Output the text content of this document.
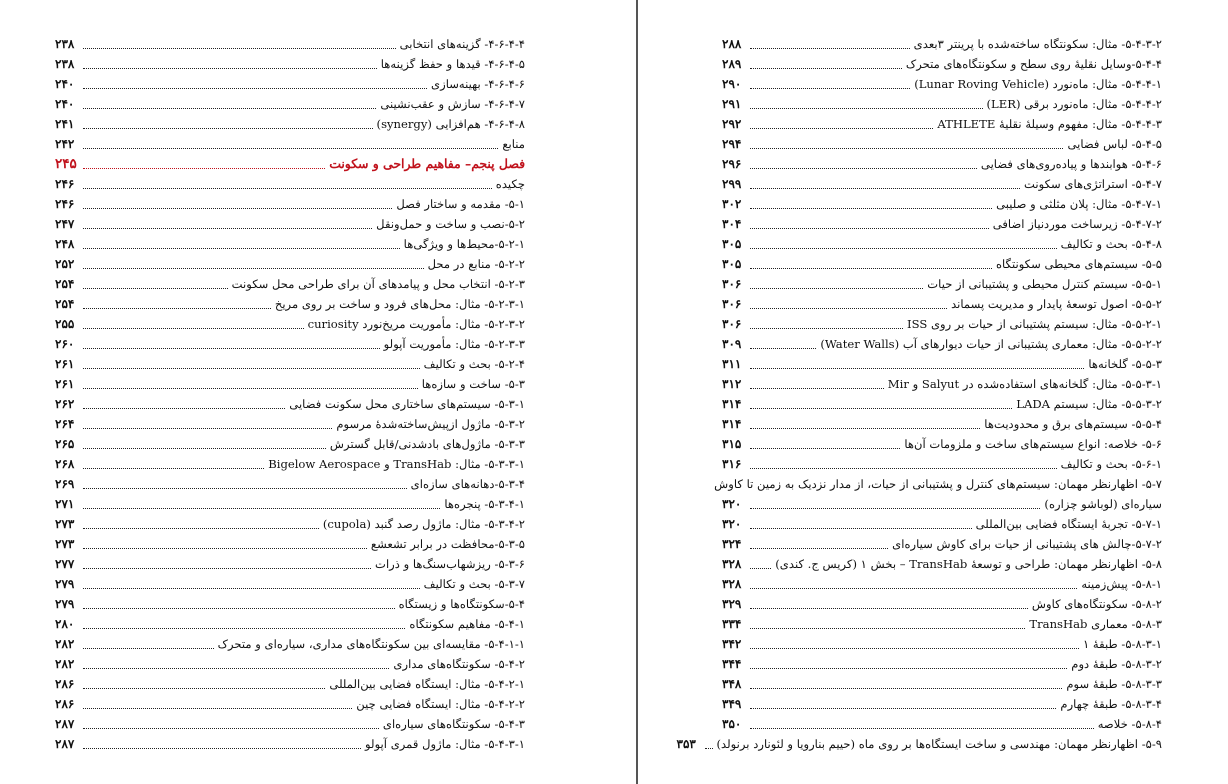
۴-۶-۴-۴- گزینه‌های انتخابی
۲۳۸
۴-۶-۴-۵- قیدها و حفظ گزینه‌ها
۲۳۸
۴-۶-۴-۶- بهینه‌سازی
۲۴۰
۴-۶-۴-۷- سازش و عقب‌نشینی
۲۴۰
۴-۶-۴-۸- هم‌افزایی (synergy)
۲۴۱
منابع
۲۴۲
فصل پنجم– مفاهیم طراحی و سکونت
۲۴۵
چکیده
۲۴۶
۵-۱- مقدمه و ساختار فصل
۲۴۶
۵-۲-نصب و ساخت و حمل‌ونقل
۲۴۷
۵-۲-۱-محیط‌ها و ویژگی‌ها
۲۴۸
۵-۲-۲- منابع در محل
۲۵۲
۵-۲-۳- انتخاب محل و پیامدهای آن برای طراحی محل سکونت
۲۵۴
۵-۲-۳-۱- مثال: محل‌های فرود و ساخت بر روی مریخ
۲۵۴
۵-۲-۳-۲- مثال: مأموریت مریخ‌نورد curiosity
۲۵۵
۵-۲-۳-۳- مثال: مأموریت آپولو
۲۶۰
۵-۲-۴- بحث و تکالیف
۲۶۱
۵-۳- ساخت و سازه‌ها
۲۶۱
۵-۳-۱- سیستم‌های ساختاری محل سکونت فضایی
۲۶۲
۵-۳-۲- ماژول ازپیش‌ساخته‌شدهٔ مرسوم
۲۶۴
۵-۳-۳- ماژول‌های بادشدنی/قابل گسترش
۲۶۵
۵-۳-۳-۱- مثال: TransHab و Bigelow Aerospace
۲۶۸
۵-۳-۴-دهانه‌های سازه‌ای
۲۶۹
۵-۳-۴-۱- پنجره‌ها
۲۷۱
۵-۳-۴-۲- مثال: ماژول رصد گنبد (cupola)
۲۷۳
۵-۳-۵-محافظت در برابر تشعشع
۲۷۳
۵-۳-۶- ریزشهاب‌سنگ‌ها و ذرات
۲۷۷
۵-۳-۷- بحث و تکالیف
۲۷۹
۵-۴-سکونتگاه‌ها و زیستگاه
۲۷۹
۵-۴-۱- مفاهیم سکونتگاه
۲۸۰
۵-۴-۱-۱- مقایسه‌ای بین سکونتگاه‌های مداری، سیاره‌ای و متحرک
۲۸۲
۵-۴-۲- سکونتگاه‌های مداری
۲۸۲
۵-۴-۲-۱- مثال: ایستگاه فضایی بین‌المللی
۲۸۶
۵-۴-۲-۲- مثال: ایستگاه فضایی چین
۲۸۶
۵-۴-۳- سکونتگاه‌های سیاره‌ای
۲۸۷
۵-۴-۳-۱- مثال: ماژول قمری آپولو
۲۸۷
۵-۴-۳-۲- مثال: سکونتگاه ساخته‌شده با پرینتر ۳بعدی
۲۸۸
۵-۴-۴-وسایل نقلیهٔ روی سطح و سکونتگاه‌های متحرک
۲۸۹
۵-۴-۴-۱- مثال: ماه‌نورد (Lunar Roving Vehicle)
۲۹۰
۵-۴-۴-۲- مثال: ماه‌نورد برقی (LER)
۲۹۱
۵-۴-۴-۳- مثال: مفهوم وسیلهٔ نقلیهٔ ATHLETE
۲۹۲
۵-۴-۵- لباس فضایی
۲۹۴
۵-۴-۶- هوابندها و پیاده‌روی‌های فضایی
۲۹۶
۵-۴-۷- استراتژی‌های سکونت
۲۹۹
۵-۴-۷-۱- مثال: پلان مثلثی و صلیبی
۳۰۲
۵-۴-۷-۲- زیرساخت موردنیاز اضافی
۳۰۴
۵-۴-۸- بحث و تکالیف
۳۰۵
۵-۵- سیستم‌های محیطی سکونتگاه
۳۰۵
۵-۵-۱- سیستم کنترل محیطی و پشتیبانی از حیات
۳۰۶
۵-۵-۲- اصول توسعهٔ پایدار و مدیریت پسماند
۳۰۶
۵-۵-۲-۱- مثال: سیستم پشتیبانی از حیات بر روی ISS
۳۰۶
۵-۵-۲-۲- مثال: معماری پشتیبانی از حیات دیوارهای آب (Water Walls)
۳۰۹
۵-۵-۳- گلخانه‌ها
۳۱۱
۵-۵-۳-۱- مثال: گلخانه‌های استفاده‌شده در Salyut و Mir
۳۱۲
۵-۵-۳-۲- مثال: سیستم LADA
۳۱۴
۵-۵-۴- سیستم‌های برق و محدودیت‌ها
۳۱۴
۵-۶- خلاصه: انواع سیستم‌های ساخت و ملزومات آن‌ها
۳۱۵
۵-۶-۱- بحث و تکالیف
۳۱۶
۵-۷- اظهارنظر مهمان: سیستم‌های کنترل و پشتیبانی از حیات، از مدار نزدیک به زمین تا کاوش
سیاره‌ای (لوباشو چزاره)
۳۲۰
۵-۷-۱- تجربهٔ ایستگاه فضایی بین‌المللی
۳۲۰
۵-۷-۲-چالش های پشتیبانی از حیات برای کاوش سیاره‌ای
۳۲۴
۵-۸- اظهارنظر مهمان: طراحی و توسعهٔ TransHab – بخش ۱ (کریس ج. کندی)
۳۲۸
۵-۸-۱- پیش‌زمینه
۳۲۸
۵-۸-۲- سکونتگاه‌های کاوش
۳۲۹
۵-۸-۳- معماری TransHab
۳۳۴
۵-۸-۳-۱- طبقهٔ ۱
۳۴۲
۵-۸-۳-۲- طبقهٔ دوم
۳۴۴
۵-۸-۳-۳- طبقهٔ سوم
۳۴۸
۵-۸-۳-۴- طبقهٔ چهارم
۳۴۹
۵-۸-۴- خلاصه
۳۵۰
۵-۹- اظهارنظر مهمان: مهندسی و ساخت ایستگاه‌ها بر روی ماه (حییم بنارویا و لئونارد برنولد)
۳۵۳
